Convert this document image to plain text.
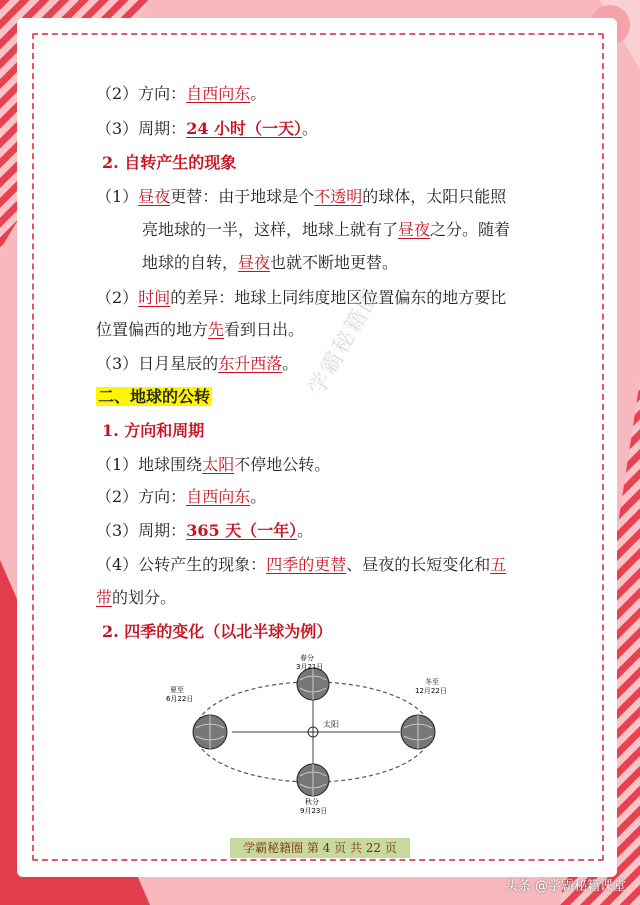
学霸秘籍圈
（2）方向：自西向东。
（3）周期：24 小时（一天）。
2. 自转产生的现象
（1）昼夜更替：由于地球是个不透明的球体，太阳只能照
亮地球的一半，这样，地球上就有了昼夜之分。随着
地球的自转，昼夜也就不断地更替。
（2）时间的差异：地球上同纬度地区位置偏东的地方要比
位置偏西的地方先看到日出。
（3）日月星辰的东升西落。
二、地球的公转
1. 方向和周期
（1）地球围绕太阳不停地公转。
（2）方向：自西向东。
（3）周期：365 天（一年）。
（4）公转产生的现象：四季的更替、昼夜的长短变化和五
带的划分。
2. 四季的变化（以北半球为例）
太阳
春分
3月21日
夏至
6月22日
冬至
12月22日
秋分
9月23日
学霸秘籍圈 第 4 页 共 22 页
头条 @学霸秘籍课堂
